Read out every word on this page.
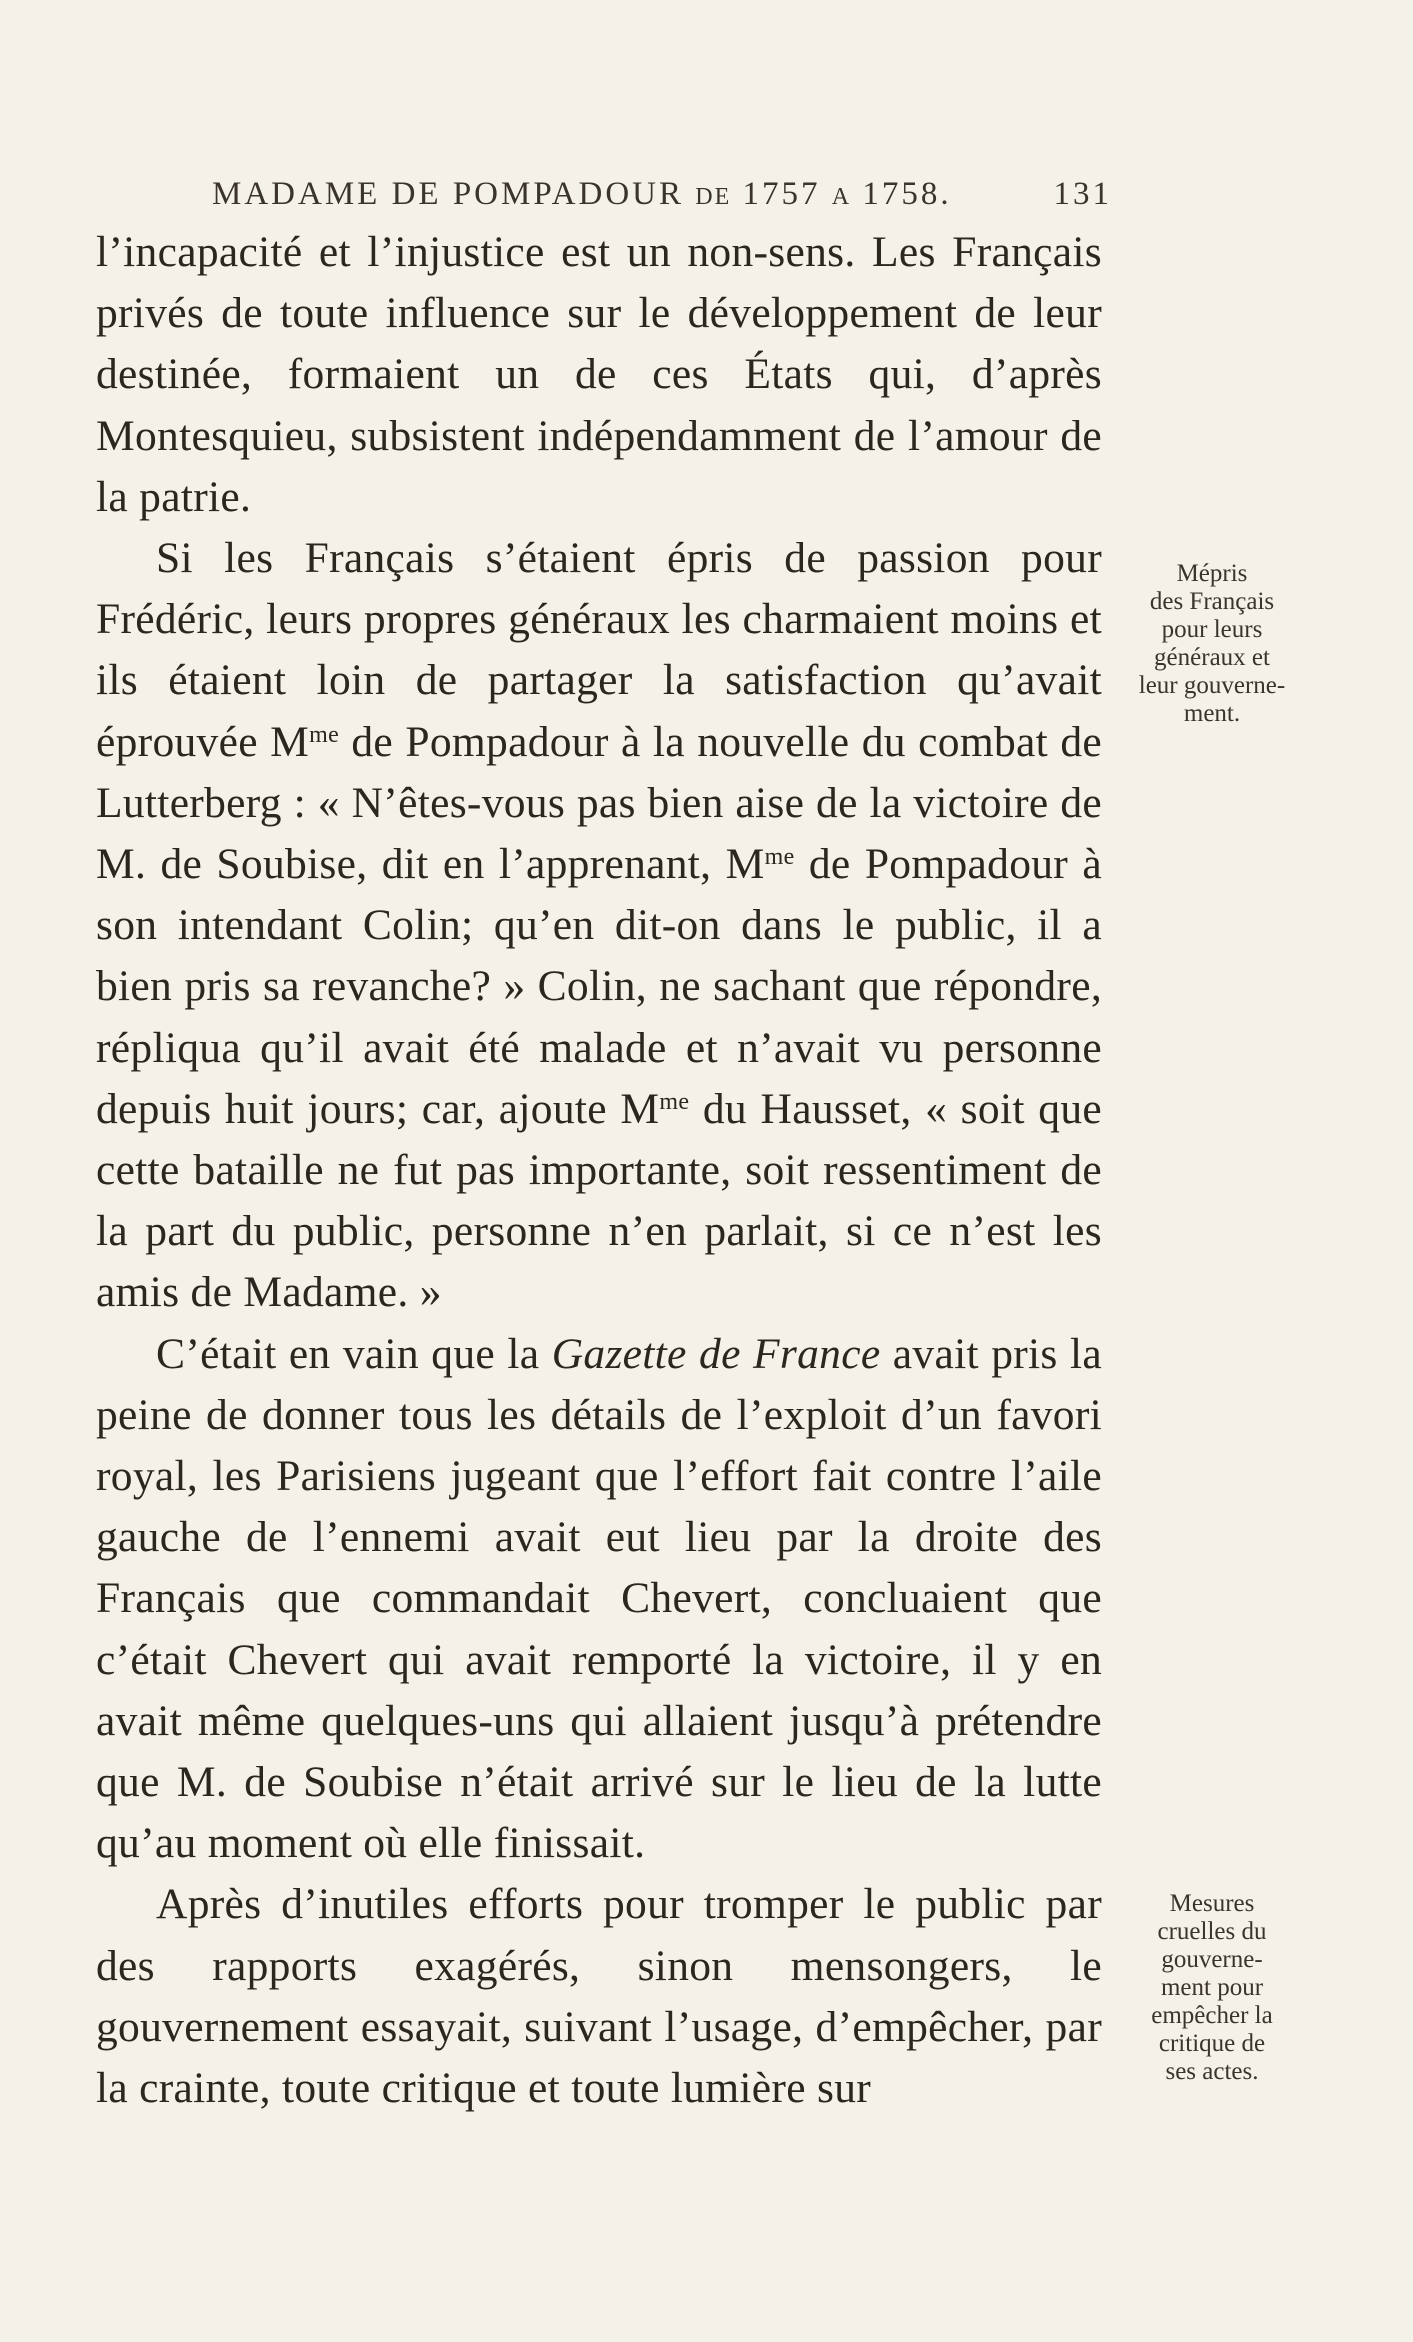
MADAME DE POMPADOUR DE 1757 A 1758.	131

l’incapacité et l’injustice est un non-sens. Les Français privés de toute influence sur le développement de leur destinée, formaient un de ces États qui, d’après Montesquieu, subsistent indépendamment de l’amour de la patrie.

Si les Français s’étaient épris de passion pour Frédéric, leurs propres généraux les charmaient moins et ils étaient loin de partager la satisfaction qu’avait éprouvée $M^{me}$ de Pompadour à la nouvelle du combat de Lutterberg : « N’êtes-vous pas bien aise de la victoire de M. de Soubise, dit en l’apprenant, $M^{me}$ de Pompadour à son intendant Colin; qu’en dit-on dans le public, il a bien pris sa revanche? » Colin, ne sachant que répondre, répliqua qu’il avait été malade et n’avait vu personne depuis huit jours; car, ajoute $M^{me}$ du Hausset, « soit que cette bataille ne fut pas importante, soit ressentiment de la part du public, personne n’en parlait, si ce n’est les amis de Madame. »

C’était en vain que la Gazette de France avait pris la peine de donner tous les détails de l’exploit d’un favori royal, les Parisiens jugeant que l’effort fait contre l’aile gauche de l’ennemi avait eut lieu par la droite des Français que commandait Chevert, concluaient que c’était Chevert qui avait remporté la victoire, il y en avait même quelques-uns qui allaient jusqu’à prétendre que M. de Soubise n’était arrivé sur le lieu de la lutte qu’au moment où elle finissait.

Après d’inutiles efforts pour tromper le public par des rapports exagérés, sinon mensongers, le gouvernement essayait, suivant l’usage, d’empêcher, par la crainte, toute critique et toute lumière sur

Mépris
des Français
pour leurs
généraux et
leur gouverne-
ment.
Mesures
cruelles du
gouverne-
ment pour
empêcher la
critique de
ses actes.
